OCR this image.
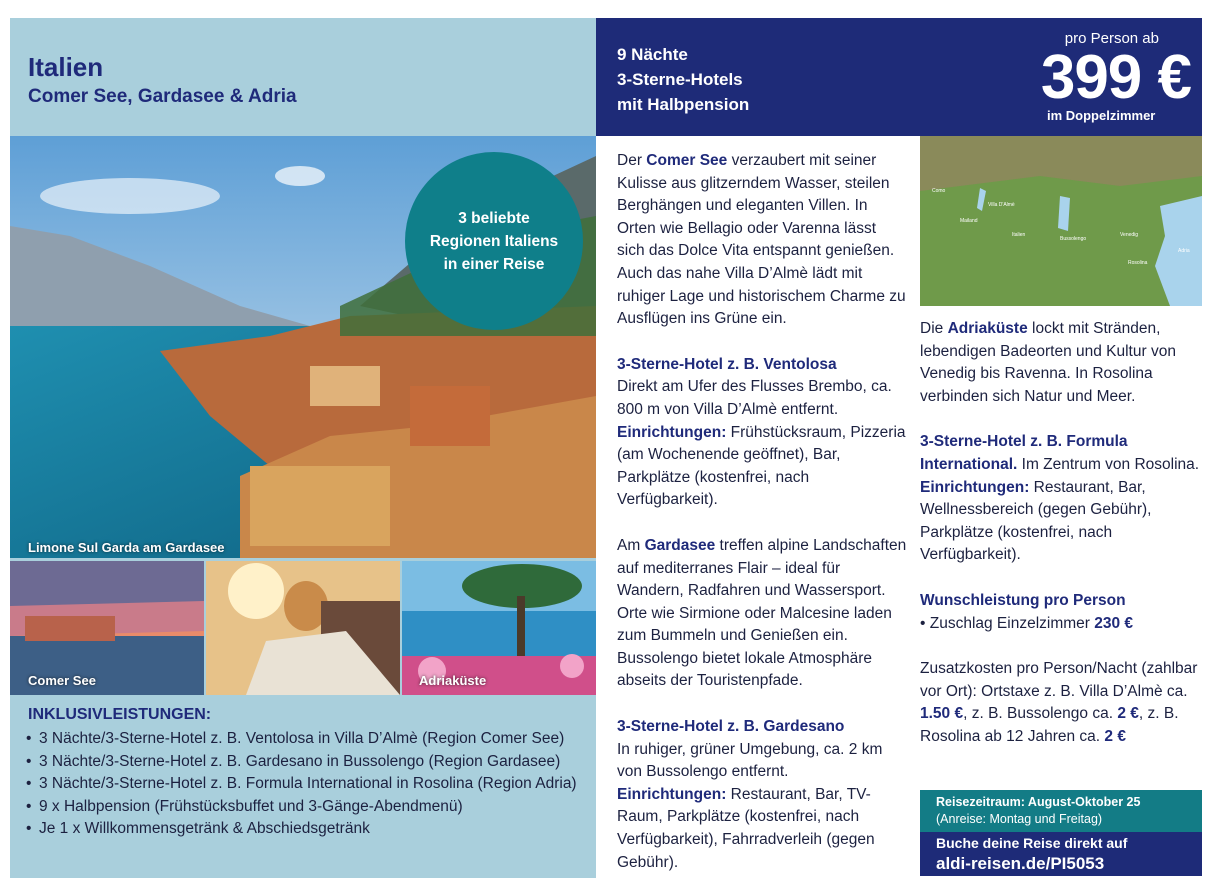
Italien
Comer See, Gardasee & Adria
3 beliebte
Regionen Italiens
in einer Reise
Limone Sul Garda am Gardasee
Comer See	Adriaküste
INKLUSIVLEISTUNGEN:
• 3 Nächte/3-Sterne-Hotel z. B. Ventolosa in Villa D’Almè (Region Comer See)
• 3 Nächte/3-Sterne-Hotel z. B. Gardesano in Bussolengo (Region Gardasee)
• 3 Nächte/3-Sterne-Hotel z. B. Formula International in Rosolina (Region Adria)
• 9 x Halbpension (Frühstücksbuffet und 3-Gänge-Abendmenü)
• Je 1 x Willkommensgetränk & Abschiedsgetränk
9 Nächte
3-Sterne-Hotels
mit Halbpension
pro Person ab
399 €
im Doppelzimmer
Der Comer See verzaubert mit seiner Kulisse aus glitzerndem Wasser, steilen Berghängen und eleganten Villen. In Orten wie Bellagio oder Varenna lässt sich das Dolce Vita entspannt genießen. Auch das nahe Villa D’Almè lädt mit ruhiger Lage und historischem Charme zu Ausflügen ins Grüne ein.
3-Sterne-Hotel z. B. Ventolosa
Direkt am Ufer des Flusses Brembo, ca. 800 m von Villa D’Almè entfernt.
Einrichtungen: Frühstücksraum, Pizzeria (am Wochenende geöffnet), Bar, Parkplätze (kostenfrei, nach Verfügbarkeit).
Am Gardasee treffen alpine Landschaften auf mediterranes Flair – ideal für Wandern, Radfahren und Wassersport. Orte wie Sirmione oder Malcesine laden zum Bummeln und Genießen ein. Bussolengo bietet lokale Atmosphäre abseits der Touristenpfade.
3-Sterne-Hotel z. B. Gardesano
In ruhiger, grüner Umgebung, ca. 2 km von Bussolengo entfernt.
Einrichtungen: Restaurant, Bar, TV-Raum, Parkplätze (kostenfrei, nach Verfügbarkeit), Fahrradverleih (gegen Gebühr).
Como
Villa D'Almè
Mailand
Italien
Bussolengo
Venedig
Rosolina
Adria
Die Adriaküste lockt mit Stränden, lebendigen Badeorten und Kultur von Venedig bis Ravenna. In Rosolina verbinden sich Natur und Meer.
3-Sterne-Hotel z. B. Formula International. Im Zentrum von Rosolina. Einrichtungen: Restaurant, Bar, Wellnessbereich (gegen Gebühr), Parkplätze (kostenfrei, nach Verfügbarkeit).
Wunschleistung pro Person
• Zuschlag Einzelzimmer 230 €
Zusatzkosten pro Person/Nacht (zahlbar vor Ort): Ortstaxe z. B. Villa D’Almè ca. 1.50 €, z. B. Bussolengo ca. 2 €, z. B. Rosolina ab 12 Jahren ca. 2 €
Reisezeitraum: August-Oktober 25
(Anreise: Montag und Freitag)
Buche deine Reise direkt auf
aldi-reisen.de/PI5053
